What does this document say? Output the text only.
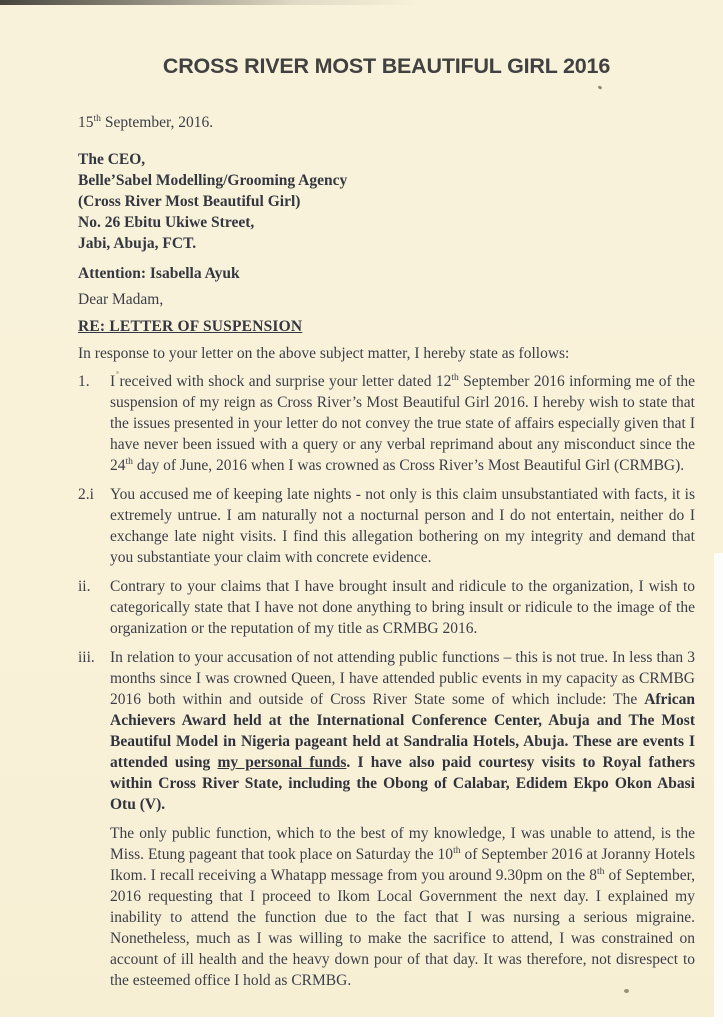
CROSS RIVER MOST BEAUTIFUL GIRL 2016
15th September, 2016.
The CEO,
Belle’Sabel Modelling/Grooming Agency
(Cross River Most Beautiful Girl)
No. 26 Ebitu Ukiwe Street,
Jabi, Abuja, FCT.
Attention: Isabella Ayuk
Dear Madam,
RE: LETTER OF SUSPENSION
In response to your letter on the above subject matter, I hereby state as follows:
1.	I received with shock and surprise your letter dated 12th September 2016 informing me of the suspension of my reign as Cross River’s Most Beautiful Girl 2016. I hereby wish to state that the issues presented in your letter do not convey the true state of affairs especially given that I have never been issued with a query or any verbal reprimand about any misconduct since the 24th day of June, 2016 when I was crowned as Cross River’s Most Beautiful Girl (CRMBG).
2.i	You accused me of keeping late nights - not only is this claim unsubstantiated with facts, it is extremely untrue. I am naturally not a nocturnal person and I do not entertain, neither do I exchange late night visits. I find this allegation bothering on my integrity and demand that you substantiate your claim with concrete evidence.
ii.	Contrary to your claims that I have brought insult and ridicule to the organization, I wish to categorically state that I have not done anything to bring insult or ridicule to the image of the organization or the reputation of my title as CRMBG 2016.
iii. In relation to your accusation of not attending public functions – this is not true. In less than 3 months since I was crowned Queen, I have attended public events in my capacity as CRMBG 2016 both within and outside of Cross River State some of which include: The African Achievers Award held at the International Conference Center, Abuja and The Most Beautiful Model in Nigeria pageant held at Sandralia Hotels, Abuja. These are events I attended using my personal funds. I have also paid courtesy visits to Royal fathers within Cross River State, including the Obong of Calabar, Edidem Ekpo Okon Abasi Otu (V).
The only public function, which to the best of my knowledge, I was unable to attend, is the Miss. Etung pageant that took place on Saturday the 10th of September 2016 at Joranny Hotels Ikom. I recall receiving a Whatapp message from you around 9.30pm on the 8th of September, 2016 requesting that I proceed to Ikom Local Government the next day. I explained my inability to attend the function due to the fact that I was nursing a serious migraine. Nonetheless, much as I was willing to make the sacrifice to attend, I was constrained on account of ill health and the heavy down pour of that day. It was therefore, not disrespect to the esteemed office I hold as CRMBG.
